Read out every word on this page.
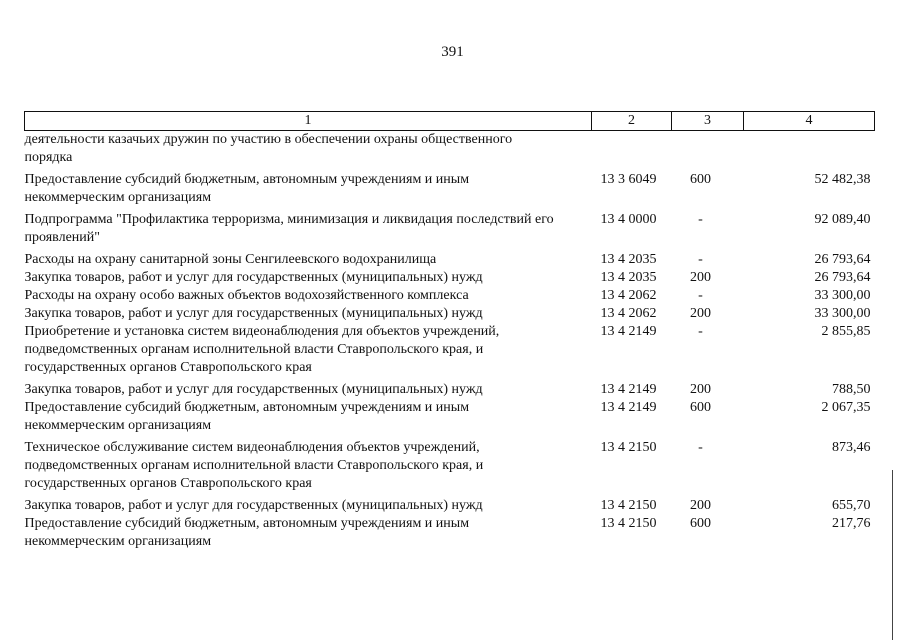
391
1	2	3	4
деятельности казачьих дружин по участию в обеспечении охраны общественного порядка			
Предоставление субсидий бюджетным, автономным учреждениям и иным некоммерческим организациям	13 3 6049	600	52 482,38
Подпрограмма "Профилактика терроризма, минимизация и ликвидация последствий его проявлений"	13 4 0000	-	92 089,40
Расходы на охрану санитарной зоны Сенгилеевского водохранилища	13 4 2035	-	26 793,64
Закупка товаров, работ и услуг для государственных (муниципальных) нужд	13 4 2035	200	26 793,64
Расходы на охрану особо важных объектов водохозяйственного комплекса	13 4 2062	-	33 300,00
Закупка товаров, работ и услуг для государственных (муниципальных) нужд	13 4 2062	200	33 300,00
Приобретение и установка систем видеонаблюдения для объектов учреждений, подведомственных органам исполнительной власти Ставропольского края, и государственных органов Ставропольского края	13 4 2149	-	2 855,85
Закупка товаров, работ и услуг для государственных (муниципальных) нужд	13 4 2149	200	788,50
Предоставление субсидий бюджетным, автономным учреждениям и иным некоммерческим организациям	13 4 2149	600	2 067,35
Техническое обслуживание систем видеонаблюдения объектов учреждений, подведомственных органам исполнительной власти Ставропольского края, и государственных органов Ставропольского края	13 4 2150	-	873,46
Закупка товаров, работ и услуг для государственных (муниципальных) нужд	13 4 2150	200	655,70
Предоставление субсидий бюджетным, автономным учреждениям и иным некоммерческим организациям	13 4 2150	600	217,76
